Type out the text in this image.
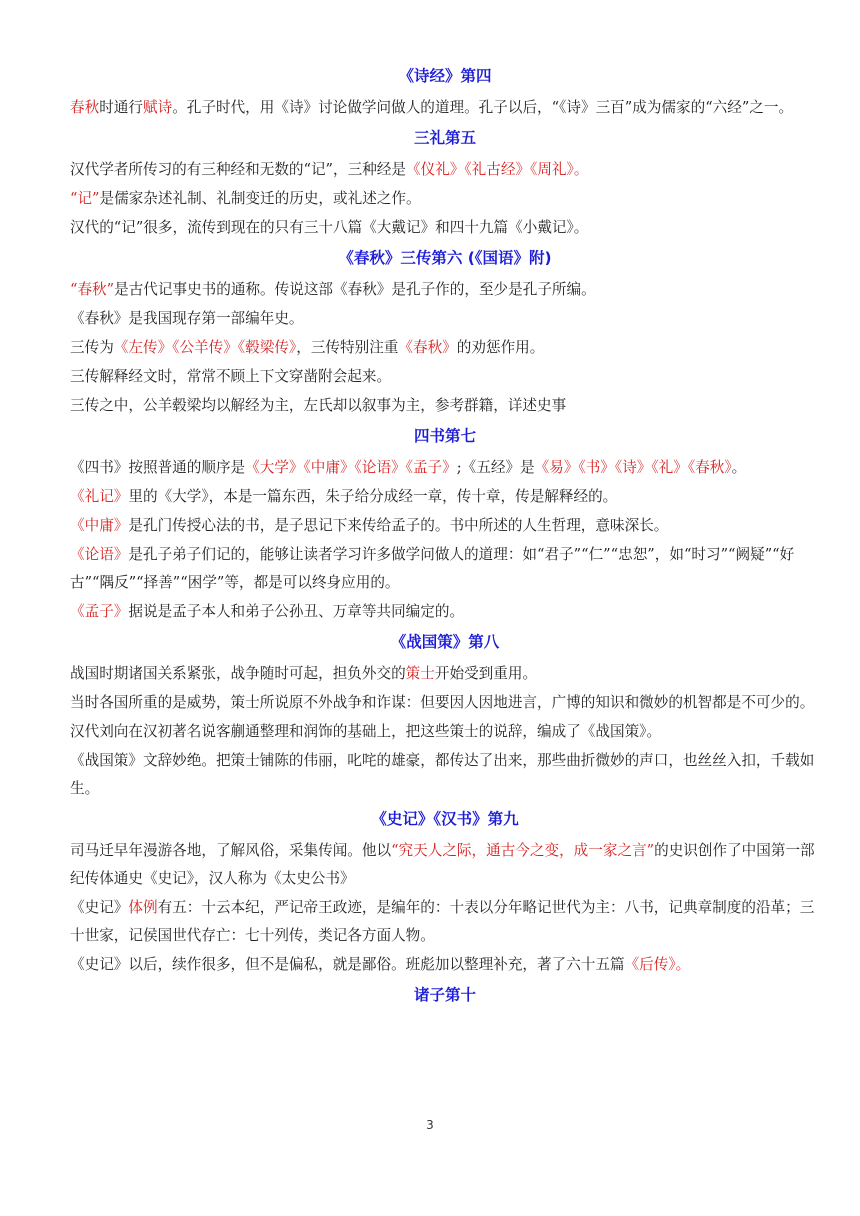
《诗经》第四

春秋时通行赋诗。孔子时代，用《诗》讨论做学问做人的道理。孔子以后，“《诗》三百”成为儒家的“六经”之一。

三礼第五

汉代学者所传习的有三种经和无数的“记”，三种经是《仪礼》《礼古经》《周礼》。

“记”是儒家杂述礼制、礼制变迁的历史，或礼述之作。

汉代的“记”很多，流传到现在的只有三十八篇《大戴记》和四十九篇《小戴记》。

《春秋》三传第六 (《国语》附)

“春秋”是古代记事史书的通称。传说这部《春秋》是孔子作的，至少是孔子所编。

《春秋》是我国现存第一部编年史。

三传为《左传》《公羊传》《毂梁传》，三传特别注重《春秋》的劝惩作用。

三传解释经文时，常常不顾上下文穿凿附会起来。

三传之中，公羊毂梁均以解经为主，左氏却以叙事为主，参考群籍，详述史事

四书第七

《四书》按照普通的顺序是《大学》《中庸》《论语》《孟子》;《五经》是《易》《书》《诗》《礼》《春秋》。

《礼记》里的《大学》，本是一篇东西，朱子给分成经一章，传十章，传是解释经的。

《中庸》是孔门传授心法的书，是子思记下来传给孟子的。书中所述的人生哲理，意味深长。

《论语》是孔子弟子们记的，能够让读者学习许多做学问做人的道理：如“君子”“仁”“忠恕”，如“时习”“阙疑”“好古”“隅反”“择善”“困学”等，都是可以终身应用的。

《孟子》据说是孟子本人和弟子公孙丑、万章等共同编定的。

《战国策》第八

战国时期诸国关系紧张，战争随时可起，担负外交的策士开始受到重用。

当时各国所重的是威势，策士所说原不外战争和诈谋：但要因人因地进言，广博的知识和微妙的机智都是不可少的。

汉代刘向在汉初著名说客蒯通整理和润饰的基础上，把这些策士的说辞，编成了《战国策》。

《战国策》文辞妙绝。把策士铺陈的伟丽，叱咤的雄豪，都传达了出来，那些曲折微妙的声口，也丝丝入扣，千载如生。

《史记》《汉书》第九

司马迁早年漫游各地，了解风俗，采集传闻。他以“究天人之际，通古今之变，成一家之言”的史识创作了中国第一部纪传体通史《史记》，汉人称为《太史公书》

《史记》体例有五：十云本纪，严记帝王政迹，是编年的：十表以分年略记世代为主：八书，记典章制度的沿革；三十世家，记侯国世代存亡：七十列传，类记各方面人物。

《史记》以后，续作很多，但不是偏私，就是鄙俗。班彪加以整理补充，著了六十五篇《后传》。

诸子第十
3
